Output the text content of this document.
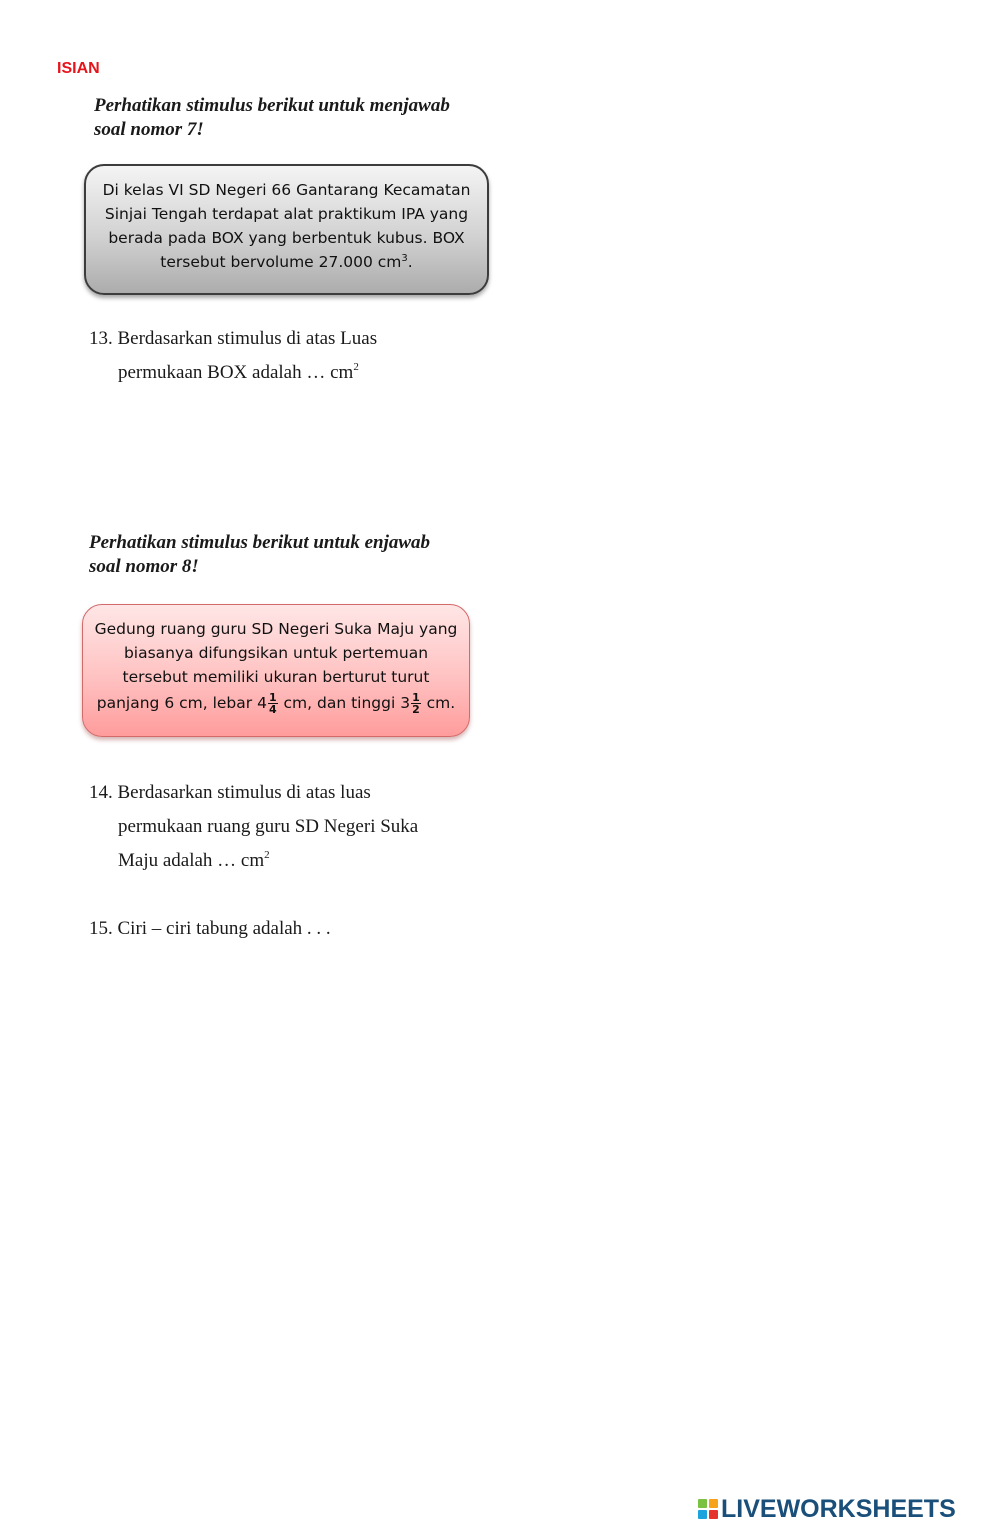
ISIAN
Perhatikan stimulus berikut untuk menjawab
soal nomor 7!
Di kelas VI SD Negeri 66 Gantarang Kecamatan
Sinjai Tengah terdapat alat praktikum IPA yang
berada pada BOX yang berbentuk kubus. BOX
tersebut bervolume 27.000 $cm^3$.
13. Berdasarkan stimulus di atas Luas
permukaan BOX adalah … $cm^2$
Perhatikan stimulus berikut untuk enjawab
soal nomor 8!
Gedung ruang guru SD Negeri Suka Maju yang
biasanya difungsikan untuk pertemuan
tersebut memiliki ukuran berturut turut
panjang 6 cm, lebar $4 \frac{1}{4}$ cm, dan tinggi $3 \frac{1}{2}$ cm.
14. Berdasarkan stimulus di atas luas
permukaan ruang guru SD Negeri Suka
Maju adalah … $cm^2$
15. Ciri – ciri tabung adalah . . .
LIVEWORKSHEETS
